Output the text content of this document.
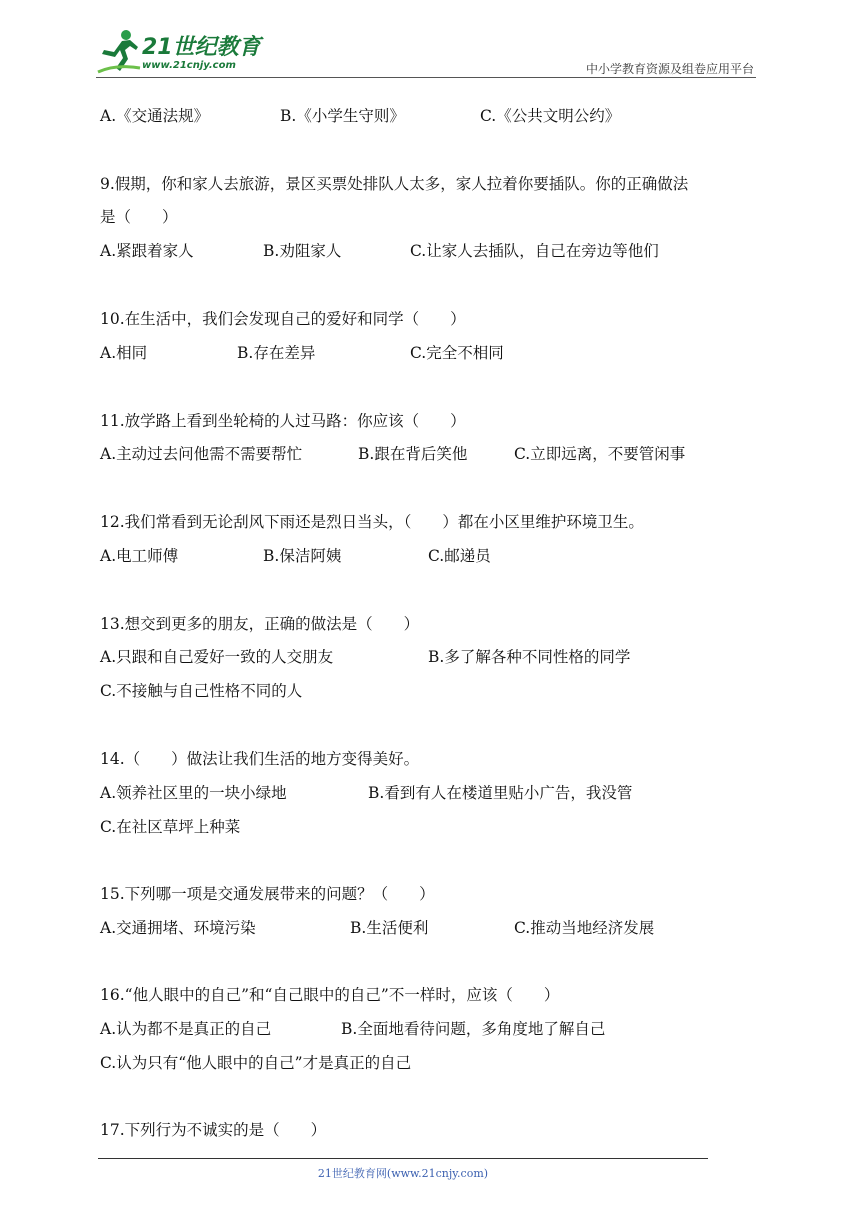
21世纪教育
www.21cnjy.com	中小学教育资源及组卷应用平台
A.《交通法规》	B.《小学生守则》	C.《公共文明公约》
9.假期，你和家人去旅游，景区买票处排队人太多，家人拉着你要插队。你的正确做法
是（　　）
A.紧跟着家人	B.劝阻家人	C.让家人去插队，自己在旁边等他们
10.在生活中，我们会发现自己的爱好和同学（　　）
A.相同	B.存在差异	C.完全不相同
11.放学路上看到坐轮椅的人过马路：你应该（　　）
A.主动过去问他需不需要帮忙	B.跟在背后笑他	C.立即远离，不要管闲事
12.我们常看到无论刮风下雨还是烈日当头，（　　）都在小区里维护环境卫生。
A.电工师傅	B.保洁阿姨	C.邮递员
13.想交到更多的朋友，正确的做法是（　　）
A.只跟和自己爱好一致的人交朋友	B.多了解各种不同性格的同学
C.不接触与自己性格不同的人
14.（　　）做法让我们生活的地方变得美好。
A.领养社区里的一块小绿地	B.看到有人在楼道里贴小广告，我没管
C.在社区草坪上种菜
15.下列哪一项是交通发展带来的问题？（　　）
A.交通拥堵、环境污染	B.生活便利	C.推动当地经济发展
16.“他人眼中的自己”和“自己眼中的自己”不一样时，应该（　　）
A.认为都不是真正的自己	B.全面地看待问题，多角度地了解自己
C.认为只有“他人眼中的自己”才是真正的自己
17.下列行为不诚实的是（　　）
21世纪教育网(www.21cnjy.com)
